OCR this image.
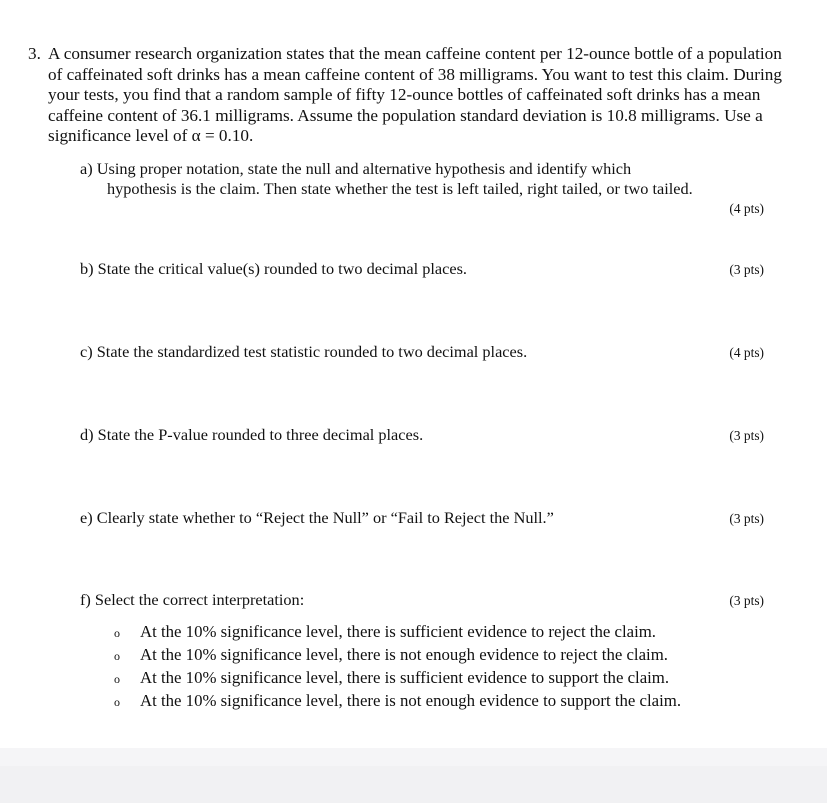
3. A consumer research organization states that the mean caffeine content per 12-ounce bottle of a population of caffeinated soft drinks has a mean caffeine content of 38 milligrams. You want to test this claim. During your tests, you find that a random sample of fifty 12-ounce bottles of caffeinated soft drinks has a mean caffeine content of 36.1 milligrams. Assume the population standard deviation is 10.8 milligrams. Use a significance level of α = 0.10.
a) Using proper notation, state the null and alternative hypothesis and identify which
hypothesis is the claim. Then state whether the test is left tailed, right tailed, or two tailed.
(4 pts)
b) State the critical value(s) rounded to two decimal places.	(3 pts)
c) State the standardized test statistic rounded to two decimal places.	(4 pts)
d) State the P-value rounded to three decimal places.	(3 pts)
e) Clearly state whether to “Reject the Null” or “Fail to Reject the Null.”	(3 pts)
f) Select the correct interpretation:	(3 pts)
o	At the 10% significance level, there is sufficient evidence to reject the claim.
o	At the 10% significance level, there is not enough evidence to reject the claim.
o	At the 10% significance level, there is sufficient evidence to support the claim.
o	At the 10% significance level, there is not enough evidence to support the claim.
